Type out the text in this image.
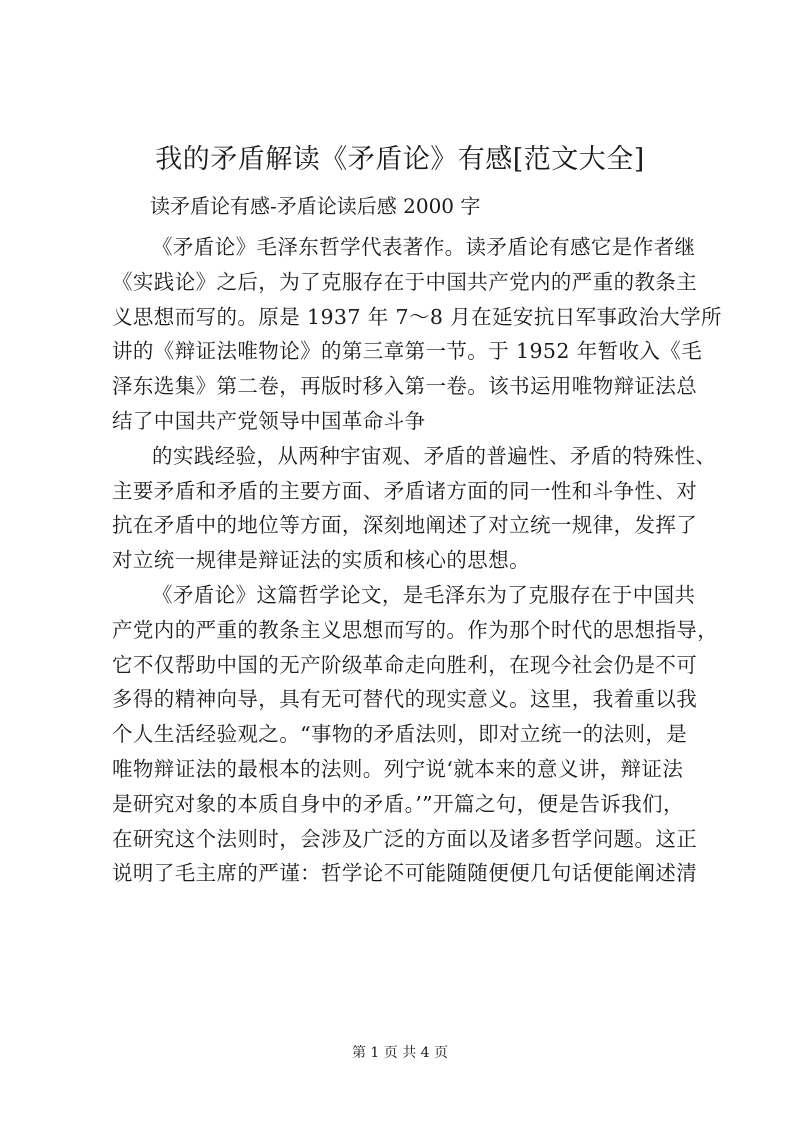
我的矛盾解读《矛盾论》有感[范文大全]
读矛盾论有感-矛盾论读后感 2000 字
《矛盾论》毛泽东哲学代表著作。读矛盾论有感它是作者继
《实践论》之后，为了克服存在于中国共产党内的严重的教条主
义思想而写的。原是 1937 年 7～8 月在延安抗日军事政治大学所
讲的《辩证法唯物论》的第三章第一节。于 1952 年暂收入《毛
泽东选集》第二卷，再版时移入第一卷。该书运用唯物辩证法总
结了中国共产党领导中国革命斗争
的实践经验，从两种宇宙观、矛盾的普遍性、矛盾的特殊性、
主要矛盾和矛盾的主要方面、矛盾诸方面的同一性和斗争性、对
抗在矛盾中的地位等方面，深刻地阐述了对立统一规律，发挥了
对立统一规律是辩证法的实质和核心的思想。
《矛盾论》这篇哲学论文，是毛泽东为了克服存在于中国共
产党内的严重的教条主义思想而写的。作为那个时代的思想指导，
它不仅帮助中国的无产阶级革命走向胜利，在现今社会仍是不可
多得的精神向导，具有无可替代的现实意义。这里，我着重以我
个人生活经验观之。“事物的矛盾法则，即对立统一的法则，是
唯物辩证法的最根本的法则。列宁说‘就本来的意义讲，辩证法
是研究对象的本质自身中的矛盾。’”开篇之句，便是告诉我们，
在研究这个法则时，会涉及广泛的方面以及诸多哲学问题。这正
说明了毛主席的严谨：哲学论不可能随随便便几句话便能阐述清
第 1 页 共 4 页
